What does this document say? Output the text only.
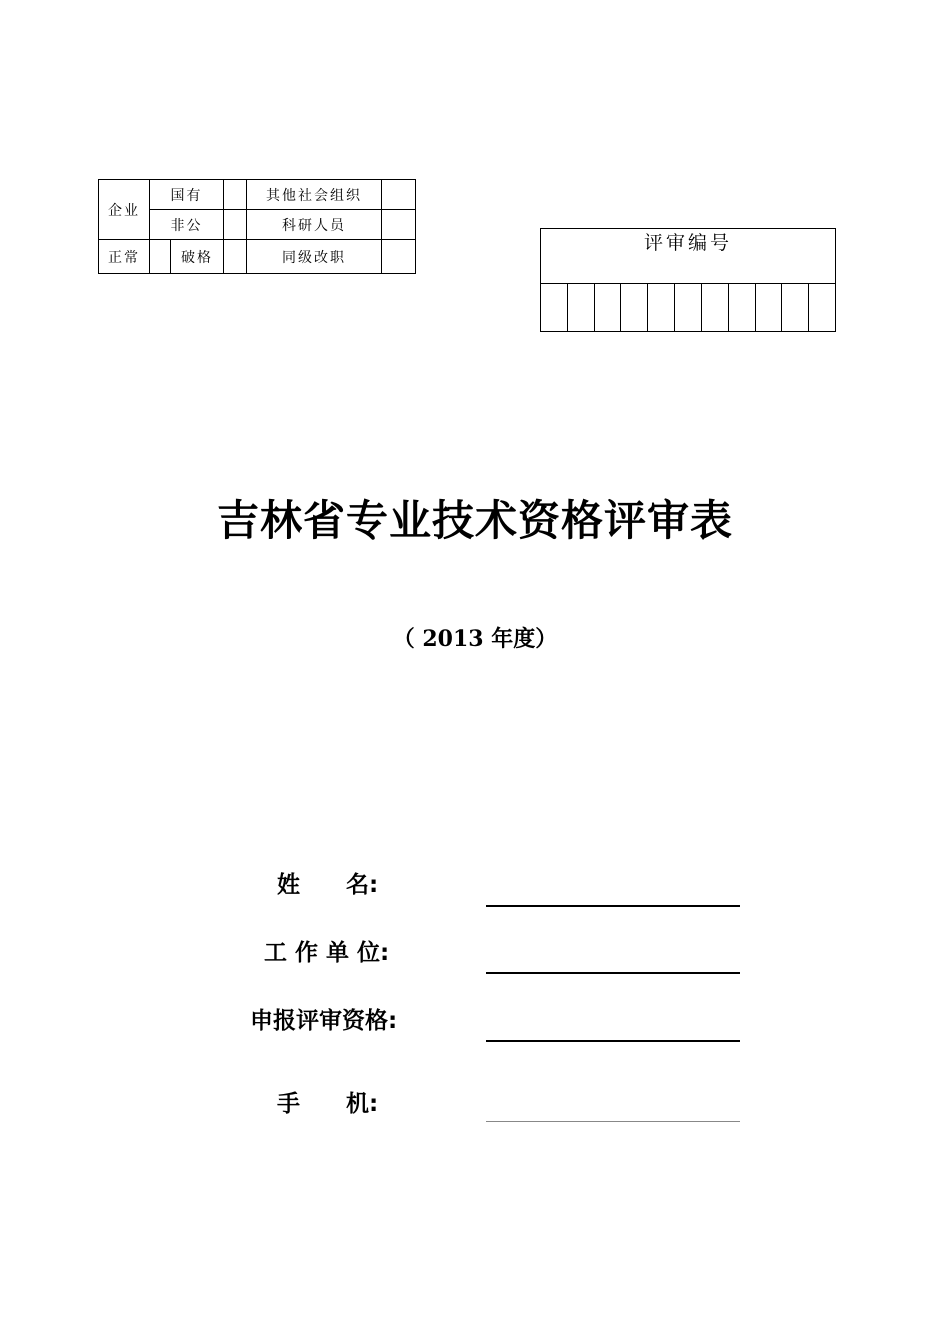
企业	国有			其他社会组织	
	非公			科研人员	
正常		破格		同级改职	
评审编号
吉林省专业技术资格评审表
（ 2013 年度）
姓　　名:
工 作 单 位:
申报评审资格:
手　　机:
